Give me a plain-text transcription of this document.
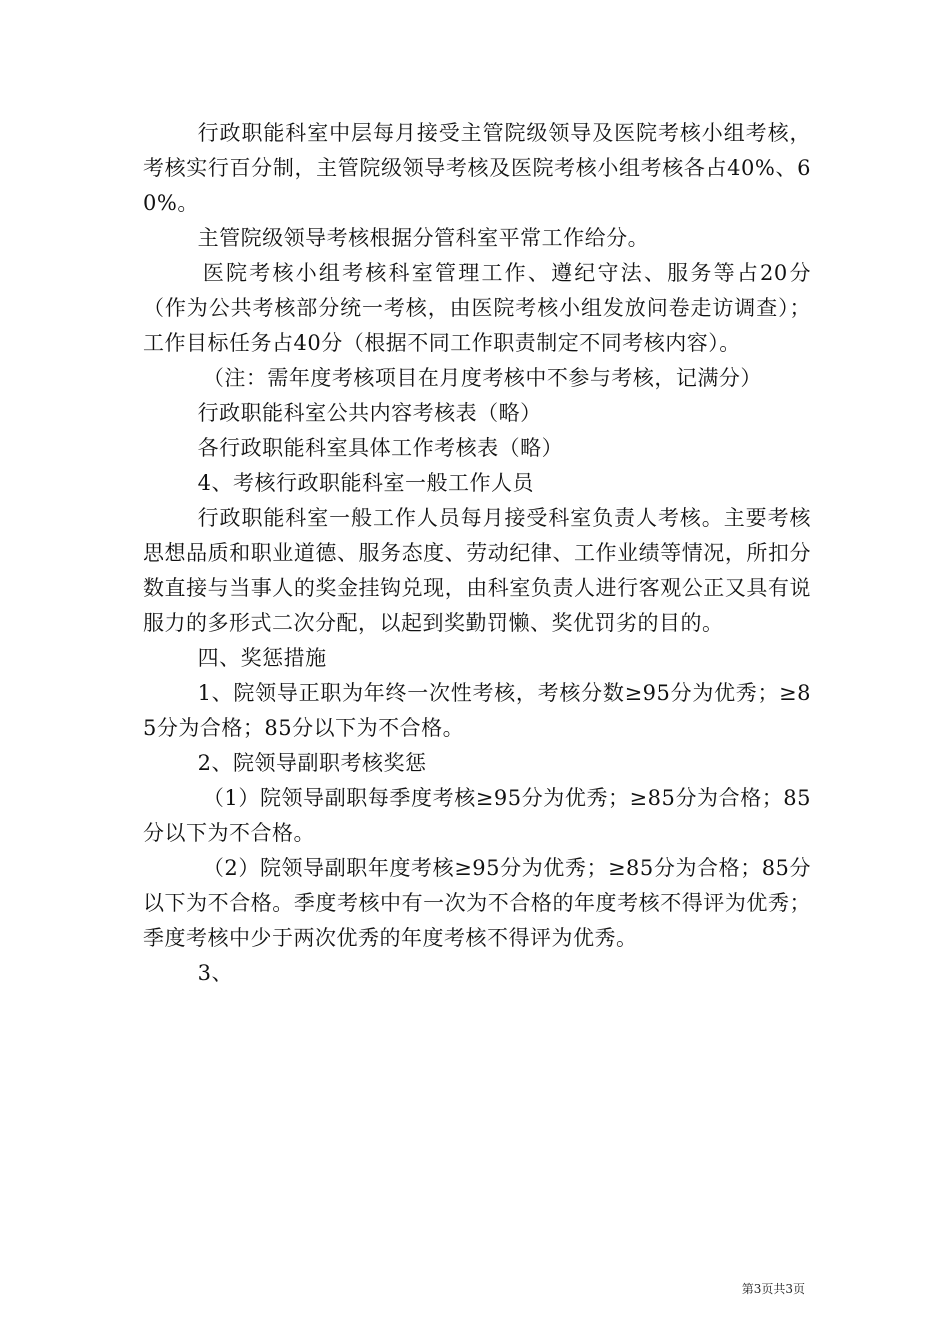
行政职能科室中层每月接受主管院级领导及医院考核小组考核，考核实行百分制，主管院级领导考核及医院考核小组考核各占40%、60%。

主管院级领导考核根据分管科室平常工作给分。

医院考核小组考核科室管理工作、遵纪守法、服务等占20分（作为公共考核部分统一考核，由医院考核小组发放问卷走访调查）；工作目标任务占40分（根据不同工作职责制定不同考核内容）。

（注：需年度考核项目在月度考核中不参与考核，记满分）

行政职能科室公共内容考核表（略）

各行政职能科室具体工作考核表（略）

4、考核行政职能科室一般工作人员

行政职能科室一般工作人员每月接受科室负责人考核。主要考核思想品质和职业道德、服务态度、劳动纪律、工作业绩等情况，所扣分数直接与当事人的奖金挂钩兑现，由科室负责人进行客观公正又具有说服力的多形式二次分配，以起到奖勤罚懒、奖优罚劣的目的。

四、奖惩措施

1、院领导正职为年终一次性考核，考核分数≥95分为优秀；≥85分为合格；85分以下为不合格。

2、院领导副职考核奖惩

（1）院领导副职每季度考核≥95分为优秀；≥85分为合格；85分以下为不合格。

（2）院领导副职年度考核≥95分为优秀；≥85分为合格；85分以下为不合格。季度考核中有一次为不合格的年度考核不得评为优秀；季度考核中少于两次优秀的年度考核不得评为优秀。

3、

第3页共3页
